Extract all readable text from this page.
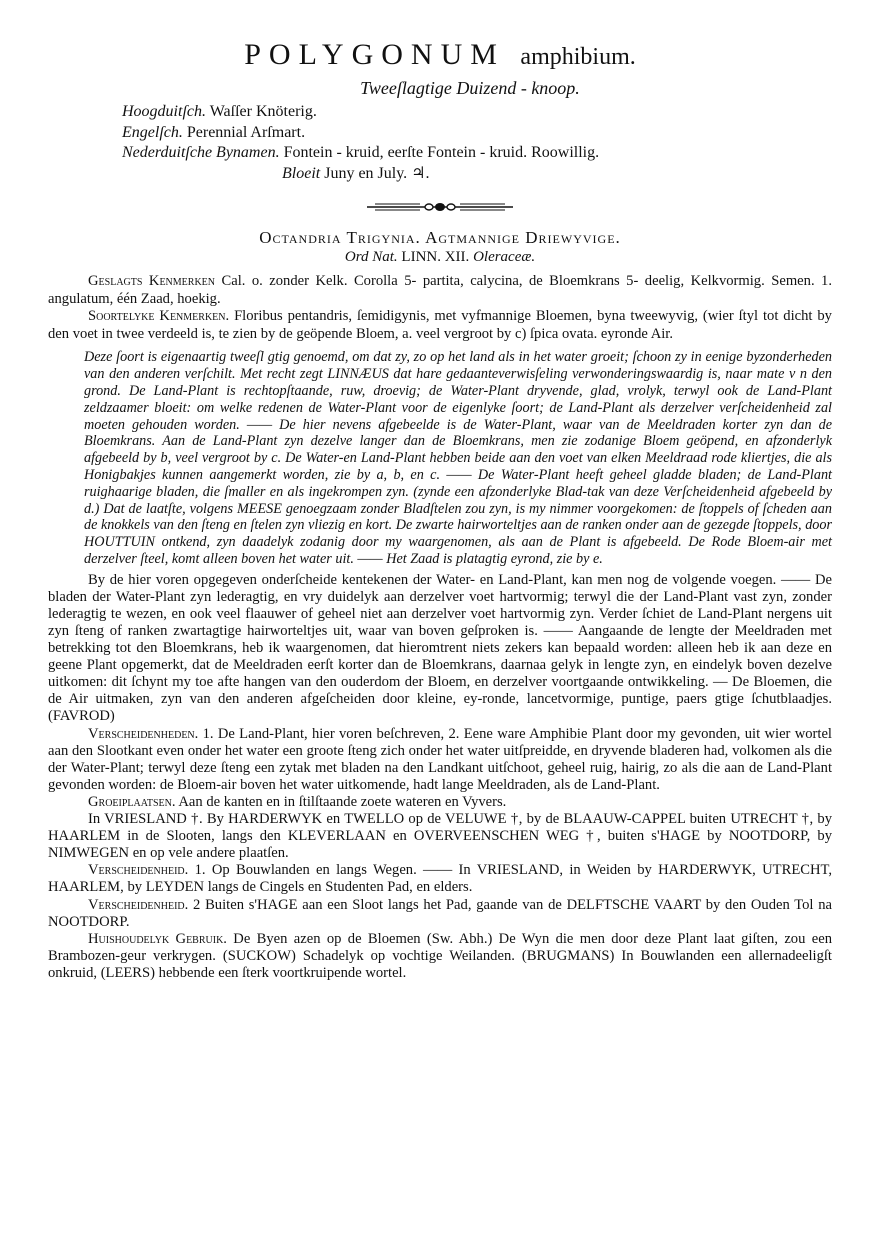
POLYGONUM amphibium.
Tweeſlagtige Duizend - knoop.
Hoogduitſch. Waſſer Knöterig.
Engelſch. Perennial Arſmart.
Nederduitſche Bynamen. Fontein - kruid, eerſte Fontein - kruid. Roowillig.
Bloeit Juny en July. ♃.
Octandria Trigynia. Agtmannige Driewyvige.
Ord Nat. LINN. XII. Oleraceæ.

Geslagts Kenmerken Cal. o. zonder Kelk. Corolla 5- partita, calycina, de Bloemkrans 5- deelig, Kelkvormig. Semen. 1. angulatum, één Zaad, hoekig.

Soortelyke Kenmerken. Floribus pentandris, ſemidigynis, met vyfmannige Bloemen, byna tweewyvig, (wier ſtyl tot dicht by den voet in twee verdeeld is, te zien by de geöpende Bloem, a. veel vergroot by c) ſpica ovata. eyronde Air.

Deze ſoort is eigenaartig tweeſl gtig genoemd, om dat zy, zo op het land als in het water groeit; ſchoon zy in eenige byzonderheden van den anderen verſchilt. Met recht zegt LINNÆUS dat hare gedaanteverwisſeling verwonderingswaardig is, naar mate v n den grond. De Land-Plant is rechtopſtaande, ruw, droevig; de Water-Plant dryvende, glad, vrolyk, terwyl ook de Land-Plant zeldzaamer bloeit: om welke redenen de Water-Plant voor de eigenlyke ſoort; de Land-Plant als derzelver verſcheidenheid zal moeten gehouden worden. —— De hier nevens afgebeelde is de Water-Plant, waar van de Meeldraden korter zyn dan de Bloemkrans. Aan de Land-Plant zyn dezelve langer dan de Bloemkrans, men zie zodanige Bloem geöpend, en afzonderlyk afgebeeld by b, veel vergroot by c. De Water-en Land-Plant hebben beide aan den voet van elken Meeldraad rode kliertjes, die als Honigbakjes kunnen aangemerkt worden, zie by a, b, en c. —— De Water-Plant heeft geheel gladde bladen; de Land-Plant ruighaarige bladen, die ſmaller en als ingekrompen zyn. (zynde een afzonderlyke Blad-tak van deze Verſcheidenheid afgebeeld by d.) Dat de laatſte, volgens MEESE genoegzaam zonder Bladſtelen zou zyn, is my nimmer voorgekomen: de ſtoppels of ſcheden aan de knokkels van den ſteng en ſtelen zyn vliezig en kort. De zwarte hairworteltjes aan de ranken onder aan de gezegde ſtoppels, door HOUTTUIN ontkend, zyn daadelyk zodanig door my waargenomen, als aan de Plant is afgebeeld. De Rode Bloem-air met derzelver ſteel, komt alleen boven het water uit. —— Het Zaad is platagtig eyrond, zie by e.

By de hier voren opgegeven onderſcheide kentekenen der Water- en Land-Plant, kan men nog de volgende voegen. —— De bladen der Water-Plant zyn lederagtig, en vry duidelyk aan derzelver voet hartvormig; terwyl die der Land-Plant vast zyn, zonder lederagtig te wezen, en ook veel flaauwer of geheel niet aan derzelver voet hartvormig zyn. Verder ſchiet de Land-Plant nergens uit zyn ſteng of ranken zwartagtige hairworteltjes uit, waar van boven geſproken is. —— Aangaande de lengte der Meeldraden met betrekking tot den Bloemkrans, heb ik waargenomen, dat hieromtrent niets zekers kan bepaald worden: alleen heb ik aan deze en geene Plant opgemerkt, dat de Meeldraden eerſt korter dan de Bloemkrans, daarnaa gelyk in lengte zyn, en eindelyk boven dezelve uitkomen: dit ſchynt my toe afte hangen van den ouderdom der Bloem, en derzelver voortgaande ontwikkeling. — De Bloemen, die de Air uitmaken, zyn van den anderen afgeſcheiden door kleine, ey-ronde, lancetvormige, puntige, paers gtige ſchutblaadjes. (FAVROD)

Verscheidenheden. 1. De Land-Plant, hier voren beſchreven, 2. Eene ware Amphibie Plant door my gevonden, uit wier wortel aan den Slootkant even onder het water een groote ſteng zich onder het water uitſpreidde, en dryvende bladeren had, volkomen als die der Water-Plant; terwyl deze ſteng een zytak met bladen na den Landkant uitſchoot, geheel ruig, hairig, zo als die aan de Land-Plant gevonden worden: de Bloem-air boven het water uitkomende, hadt lange Meeldraden, als de Land-Plant.

Groeiplaatsen. Aan de kanten en in ſtilſtaande zoete wateren en Vyvers.

In VRIESLAND †. By HARDERWYK en TWELLO op de VELUWE †, by de BLAAUW-CAPPEL buiten UTRECHT †, by HAARLEM in de Slooten, langs den KLEVERLAAN en OVERVEENSCHEN WEG †, buiten s'HAGE by NOOTDORP, by NIMWEGEN en op vele andere plaatſen.

Verscheidenheid. 1. Op Bouwlanden en langs Wegen. —— In VRIESLAND, in Weiden by HARDERWYK, UTRECHT, HAARLEM, by LEYDEN langs de Cingels en Studenten Pad, en elders.

Verscheidenheid. 2 Buiten s'HAGE aan een Sloot langs het Pad, gaande van de DELFTSCHE VAART by den Ouden Tol na NOOTDORP.

Huishoudelyk Gebruik. De Byen azen op de Bloemen (Sw. Abh.) De Wyn die men door deze Plant laat giſten, zou een Brambozen-geur verkrygen. (SUCKOW) Schadelyk op vochtige Weilanden. (BRUGMANS) In Bouwlanden een allernadeeligſt onkruid, (LEERS) hebbende een ſterk voortkruipende wortel.
